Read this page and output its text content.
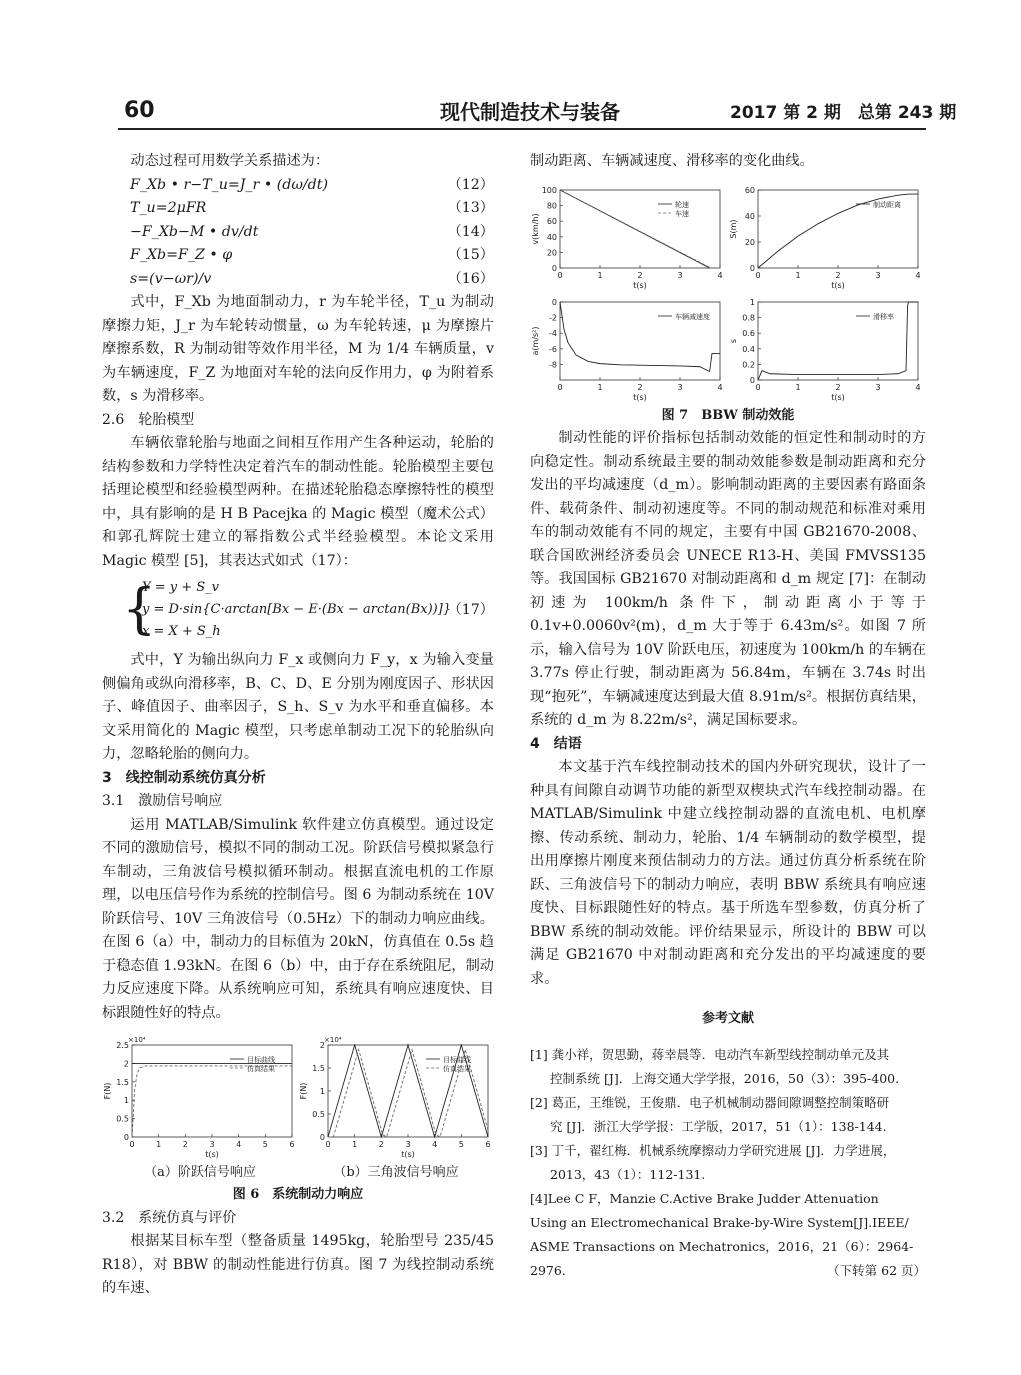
60	现代制造技术与装备	2017 第 2 期　总第 243 期

动态过程可用数学关系描述为：

F_Xb • r−T_u=J_r • (dω/dt)	（12）
T_u=2μFR	（13）
−F_Xb−M • dv/dt	（14）
F_Xb=F_Z • φ	（15）
s=(v−ωr)/v	（16）

式中，F_Xb 为地面制动力，r 为车轮半径，T_u 为制动摩擦力矩，J_r 为车轮转动惯量，ω 为车轮转速，μ 为摩擦片摩擦系数，R 为制动钳等效作用半径，M 为 1/4 车辆质量，v 为车辆速度，F_Z 为地面对车轮的法向反作用力，φ 为附着系数，s 为滑移率。

2.6　轮胎模型

车辆依靠轮胎与地面之间相互作用产生各种运动，轮胎的结构参数和力学特性决定着汽车的制动性能。轮胎模型主要包括理论模型和经验模型两种。在描述轮胎稳态摩擦特性的模型中，具有影响的是 H B Pacejka 的 Magic 模型（魔术公式）和郭孔辉院士建立的幂指数公式半经验模型。本论文采用 Magic 模型 [5]，其表达式如式（17）：

{
Y = y + S_v
y = D·sin{C·arctan[Bx − E·(Bx − arctan(Bx))]}
x = X + S_h
（17）

式中，Y 为输出纵向力 F_x 或侧向力 F_y，x 为输入变量侧偏角或纵向滑移率，B、C、D、E 分别为刚度因子、形状因子、峰值因子、曲率因子，S_h、S_v 为水平和垂直偏移。本文采用简化的 Magic 模型，只考虑单制动工况下的轮胎纵向力，忽略轮胎的侧向力。

3　线控制动系统仿真分析

3.1　激励信号响应

运用 MATLAB/Simulink 软件建立仿真模型。通过设定不同的激励信号，模拟不同的制动工况。阶跃信号模拟紧急行车制动，三角波信号模拟循环制动。根据直流电机的工作原理，以电压信号作为系统的控制信号。图 6 为制动系统在 10V 阶跃信号、10V 三角波信号（0.5Hz）下的制动力响应曲线。在图 6（a）中，制动力的目标值为 20kN，仿真值在 0.5s 趋于稳态值 1.93kN。在图 6（b）中，由于存在系统阻尼，制动力反应速度下降。从系统响应可知，系统具有响应速度快、目标跟随性好的特点。

0	1	2	3	4	5	6
0
0.5
1
1.5
2
2.5
t(s)
F(N)
×10⁴
目标曲线
仿真结果
0	1	2	3	4	5	6
0
0.5
1
1.5
2
t(s)
F(N)
×10⁴
目标曲线
仿真结果
（a）阶跃信号响应	（b）三角波信号响应
图 6　系统制动力响应

3.2　系统仿真与评价

根据某目标车型（整备质量 1495kg，轮胎型号 235/45 R18），对 BBW 的制动性能进行仿真。图 7 为线控制动系统的车速、

制动距离、车辆减速度、滑移率的变化曲线。

0	1	2	3	4
0
20
40
60
80
100
t(s)
v(km/h)
轮速
车速
0	1	2	3	4
0
20
40
60
t(s)
S(m)
制动距离
0	1	2	3	4
0
-2
-4
-6
-8
t(s)
a(m/s²)
车辆减速度
0	1	2	3	4
0
0.2
0.4
0.6
0.8
1
t(s)
s
滑移率
图 7　BBW 制动效能

制动性能的评价指标包括制动效能的恒定性和制动时的方向稳定性。制动系统最主要的制动效能参数是制动距离和充分发出的平均减速度（d_m）。影响制动距离的主要因素有路面条件、载荷条件、制动初速度等。不同的制动规范和标准对乘用车的制动效能有不同的规定，主要有中国 GB21670-2008、联合国欧洲经济委员会 UNECE R13-H、美国 FMVSS135 等。我国国标 GB21670 对制动距离和 d_m 规定 [7]：在制动初速为 100km/h 条件下，制动距离小于等于 0.1v+0.0060v²(m)，d_m 大于等于 6.43m/s²。如图 7 所示，输入信号为 10V 阶跃电压，初速度为 100km/h 的车辆在 3.77s 停止行驶，制动距离为 56.84m，车辆在 3.74s 时出现“抱死”，车辆减速度达到最大值 8.91m/s²。根据仿真结果，系统的 d_m 为 8.22m/s²，满足国标要求。

4　结语

本文基于汽车线控制动技术的国内外研究现状，设计了一种具有间隙自动调节功能的新型双楔块式汽车线控制动器。在 MATLAB/Simulink 中建立线控制动器的直流电机、电机摩擦、传动系统、制动力，轮胎、1/4 车辆制动的数学模型，提出用摩擦片刚度来预估制动力的方法。通过仿真分析系统在阶跃、三角波信号下的制动力响应，表明 BBW 系统具有响应速度快、目标跟随性好的特点。基于所选车型参数，仿真分析了 BBW 系统的制动效能。评价结果显示，所设计的 BBW 可以满足 GB21670 中对制动距离和充分发出的平均减速度的要求。

参考文献
[1] 龚小祥，贺思勤，蒋幸晨等．电动汽车新型线控制动单元及其
控制系统 [J]．上海交通大学学报，2016，50（3）：395-400.
[2] 葛正，王维锐，王俊鼎．电子机械制动器间隙调整控制策略研
究 [J]．浙江大学学报：工学版，2017，51（1）：138-144.
[3] 丁千，翟红梅．机械系统摩擦动力学研究进展 [J]．力学进展，
2013，43（1）：112-131.
[4]Lee C F，Manzie C.Active Brake Judder Attenuation
Using an Electromechanical Brake-by-Wire System[J].IEEE/
ASME Transactions on Mechatronics，2016，21（6）：2964-
2976.	（下转第 62 页）
